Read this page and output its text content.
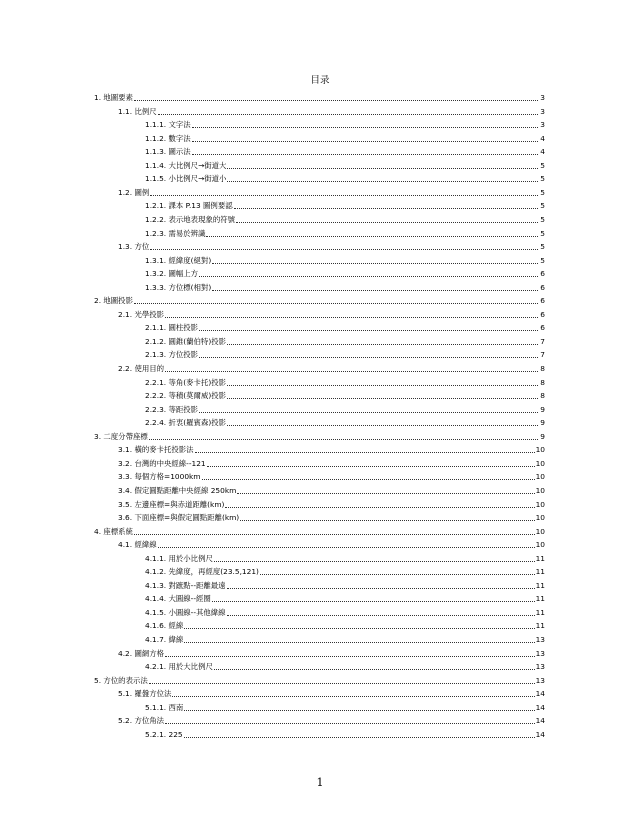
目录
1. 地圖要素	3
1.1. 比例尺	3
1.1.1. 文字法	3
1.1.2. 數字法	4
1.1.3. 圖示法	4
1.1.4. 大比例尺→街道大	5
1.1.5. 小比例尺→街道小	5
1.2. 圖例	5
1.2.1. 課本 P.13 圖例要認	5
1.2.2. 表示地表現象的符號	5
1.2.3. 需易於辨識	5
1.3. 方位	5
1.3.1. 經緯度(絕對)	5
1.3.2. 圖幅上方	6
1.3.3. 方位標(相對)	6
2. 地圖投影	6
2.1. 光學投影	6
2.1.1. 圓柱投影	6
2.1.2. 圓錐(蘭伯特)投影	7
2.1.3. 方位投影	7
2.2. 使用目的	8
2.2.1. 等角(麥卡托)投影	8
2.2.2. 等積(莫爾威)投影	8
2.2.3. 等距投影	9
2.2.4. 折衷(羅賓森)投影	9
3. 二度分帶座標	9
3.1. 橫的麥卡托投影法	10
3.2. 台灣的中央經線--121	10
3.3. 每個方格=1000km	10
3.4. 假定圓點距離中央經線 250km	10
3.5. 左邊座標=與赤道距離(km)	10
3.6. 下面座標=與假定圓點距離(km)	10
4. 座標系統	10
4.1. 經緯線	10
4.1.1. 用於小比例尺	11
4.1.2. 先緯度，再經度(23.5,121)	11
4.1.3. 對蹠點--距離最遠	11
4.1.4. 大圓線--經圈	11
4.1.5. 小圓線--其他緯線	11
4.1.6. 經線	11
4.1.7. 緯線	13
4.2. 圖網方格	13
4.2.1. 用於大比例尺	13
5. 方位的表示法	13
5.1. 羅盤方位法	14
5.1.1. 西南	14
5.2. 方位角法	14
5.2.1. 225	14
1
